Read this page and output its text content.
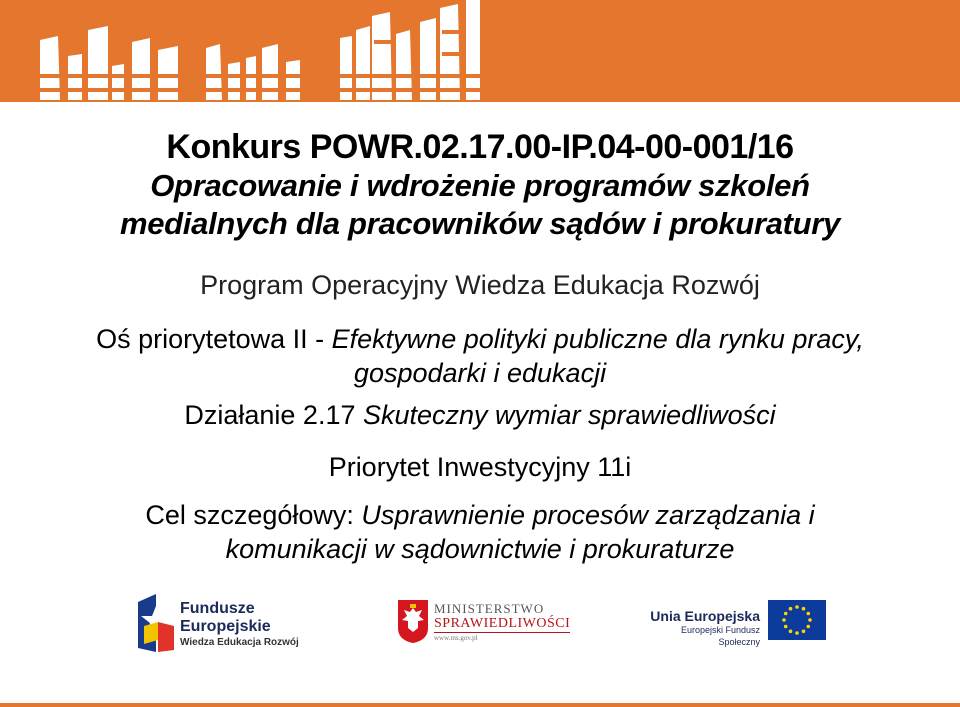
Konkurs POWR.02.17.00-IP.04-00-001/16
Opracowanie i wdrożenie programów szkoleń
medialnych dla pracowników sądów i prokuratury
Program Operacyjny Wiedza Edukacja Rozwój
Oś priorytetowa II - Efektywne polityki publiczne dla rynku pracy,
gospodarki i edukacji
Działanie 2.17 Skuteczny wymiar sprawiedliwości
Priorytet Inwestycyjny 11i
Cel szczegółowy: Usprawnienie procesów zarządzania i
komunikacji w sądownictwie i prokuraturze
Fundusze
Europejskie
Wiedza Edukacja Rozwój
MINISTERSTWO
SPRAWIEDLIWOŚCI
www.ms.gov.pl
Unia Europejska
Europejski Fundusz Społeczny
